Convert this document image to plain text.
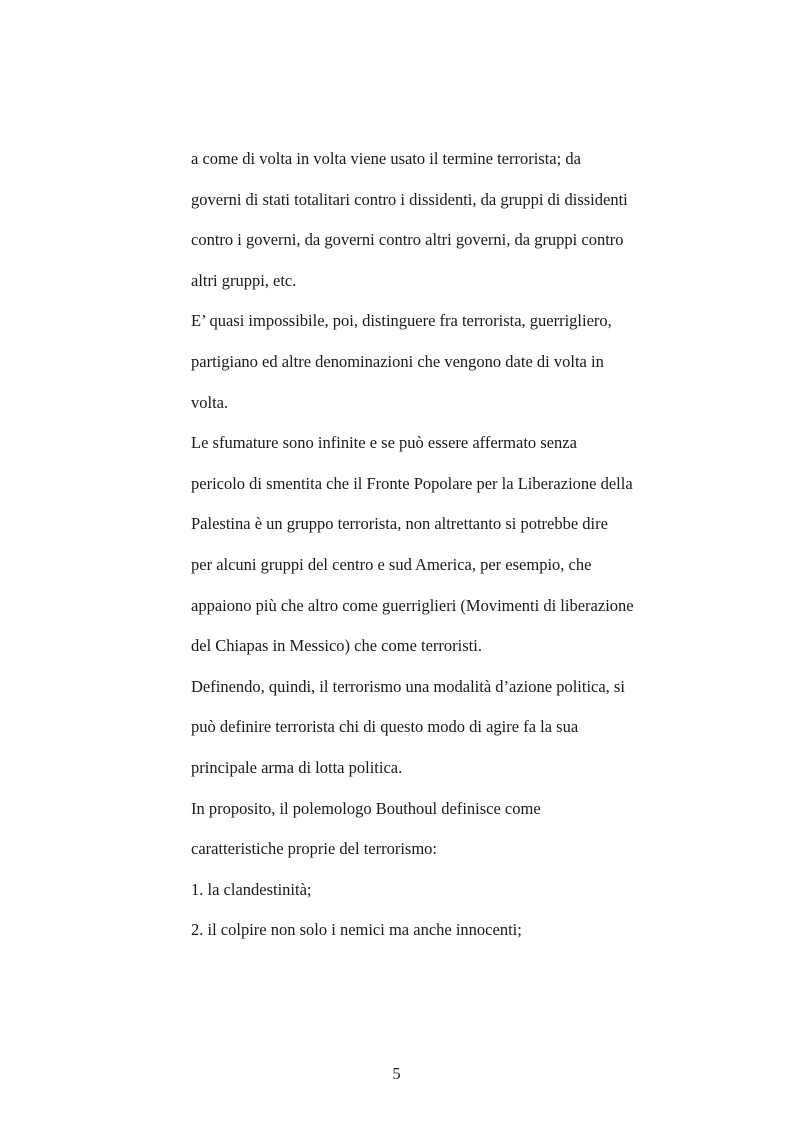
a come di volta in volta viene usato il termine terrorista; da
governi di stati totalitari contro i dissidenti, da gruppi di dissidenti
contro i governi, da governi contro altri governi, da gruppi contro
altri gruppi, etc.
E’ quasi impossibile, poi, distinguere fra terrorista, guerrigliero,
partigiano ed altre denominazioni che vengono date di volta in
volta.
Le sfumature sono infinite e se può essere affermato senza
pericolo di smentita che il Fronte Popolare per la Liberazione della
Palestina è un gruppo terrorista, non altrettanto si potrebbe dire
per alcuni gruppi del centro e sud America, per esempio, che
appaiono più che altro come guerriglieri (Movimenti di liberazione
del Chiapas in Messico) che come terroristi.
Definendo, quindi, il terrorismo una modalità d’azione politica, si
può definire terrorista chi di questo modo di agire fa la sua
principale arma di lotta politica.
In proposito, il polemologo Bouthoul definisce come
caratteristiche proprie del terrorismo:
1. la clandestinità;
2. il colpire non solo i nemici ma anche innocenti;
5
